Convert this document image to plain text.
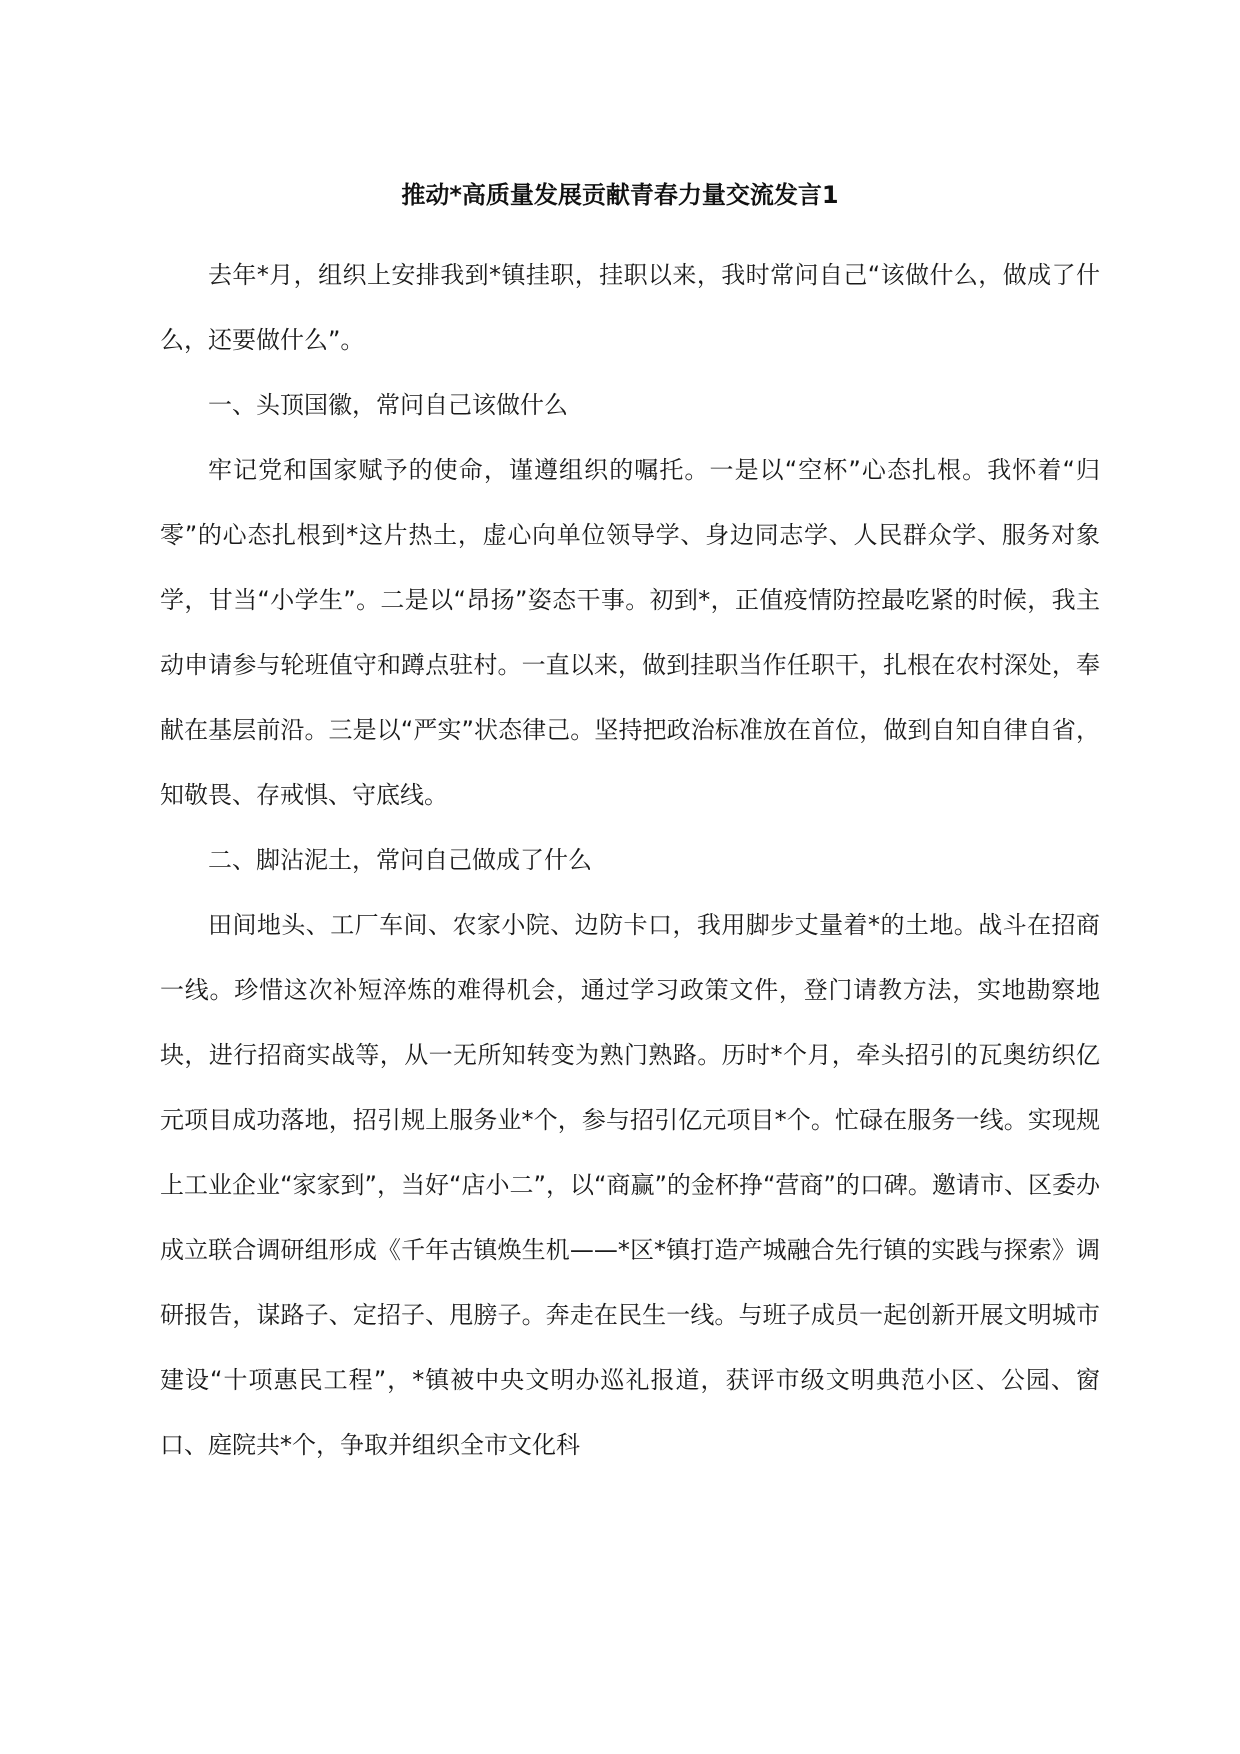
推动*高质量发展贡献青春力量交流发言1

去年*月，组织上安排我到*镇挂职，挂职以来，我时常问自己“该做什么，做成了什么，还要做什么”。

一、头顶国徽，常问自己该做什么

牢记党和国家赋予的使命，谨遵组织的嘱托。一是以“空杯”心态扎根。我怀着“归零”的心态扎根到*这片热土，虚心向单位领导学、身边同志学、人民群众学、服务对象学，甘当“小学生”。二是以“昂扬”姿态干事。初到*，正值疫情防控最吃紧的时候，我主动申请参与轮班值守和蹲点驻村。一直以来，做到挂职当作任职干，扎根在农村深处，奉献在基层前沿。三是以“严实”状态律己。坚持把政治标准放在首位，做到自知自律自省，知敬畏、存戒惧、守底线。

二、脚沾泥土，常问自己做成了什么

田间地头、工厂车间、农家小院、边防卡口，我用脚步丈量着*的土地。战斗在招商一线。珍惜这次补短淬炼的难得机会，通过学习政策文件，登门请教方法，实地勘察地块，进行招商实战等，从一无所知转变为熟门熟路。历时*个月，牵头招引的瓦奥纺织亿元项目成功落地，招引规上服务业*个，参与招引亿元项目*个。忙碌在服务一线。实现规上工业企业“家家到”，当好“店小二”，以“商赢”的金杯挣“营商”的口碑。邀请市、区委办成立联合调研组形成《千年古镇焕生机——*区*镇打造产城融合先行镇的实践与探索》调研报告，谋路子、定招子、甩膀子。奔走在民生一线。与班子成员一起创新开展文明城市建设“十项惠民工程”，*镇被中央文明办巡礼报道，获评市级文明典范小区、公园、窗口、庭院共*个，争取并组织全市文化科
